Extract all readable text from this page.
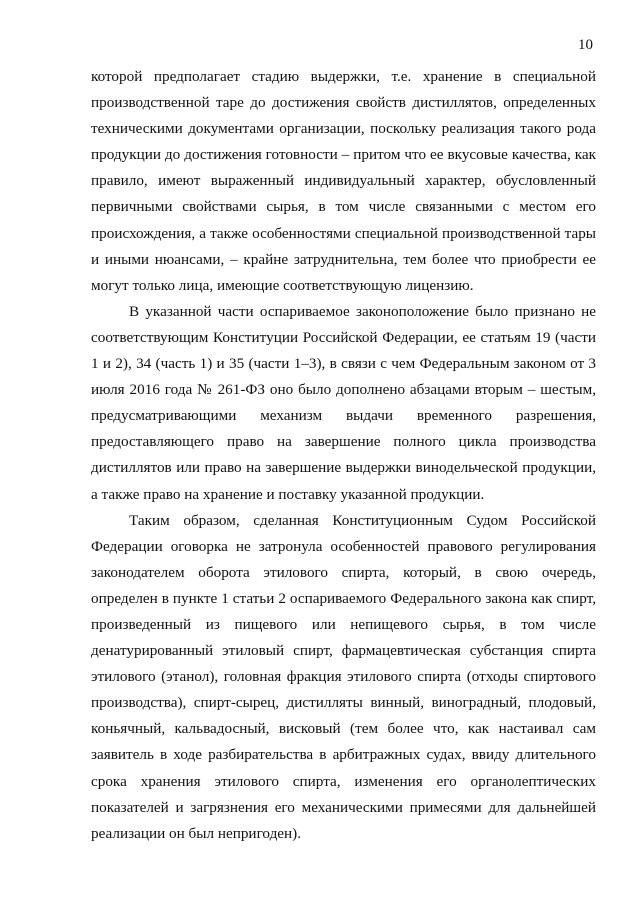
10

которой предполагает стадию выдержки, т.е. хранение в специальной производственной таре до достижения свойств дистиллятов, определенных техническими документами организации, поскольку реализация такого рода продукции до достижения готовности – притом что ее вкусовые качества, как правило, имеют выраженный индивидуальный характер, обусловленный первичными свойствами сырья, в том числе связанными с местом его происхождения, а также особенностями специальной производственной тары и иными нюансами, – крайне затруднительна, тем более что приобрести ее могут только лица, имеющие соответствующую лицензию.

В указанной части оспариваемое законоположение было признано не соответствующим Конституции Российской Федерации, ее статьям 19 (части 1 и 2), 34 (часть 1) и 35 (части 1–3), в связи с чем Федеральным законом от 3 июля 2016 года № 261-ФЗ оно было дополнено абзацами вторым – шестым, предусматривающими механизм выдачи временного разрешения, предоставляющего право на завершение полного цикла производства дистиллятов или право на завершение выдержки винодельческой продукции, а также право на хранение и поставку указанной продукции.

Таким образом, сделанная Конституционным Судом Российской Федерации оговорка не затронула особенностей правового регулирования законодателем оборота этилового спирта, который, в свою очередь, определен в пункте 1 статьи 2 оспариваемого Федерального закона как спирт, произведенный из пищевого или непищевого сырья, в том числе денатурированный этиловый спирт, фармацевтическая субстанция спирта этилового (этанол), головная фракция этилового спирта (отходы спиртового производства), спирт-сырец, дистилляты винный, виноградный, плодовый, коньячный, кальвадосный, висковый (тем более что, как настаивал сам заявитель в ходе разбирательства в арбитражных судах, ввиду длительного срока хранения этилового спирта, изменения его органолептических показателей и загрязнения его механическими примесями для дальнейшей реализации он был непригоден).
